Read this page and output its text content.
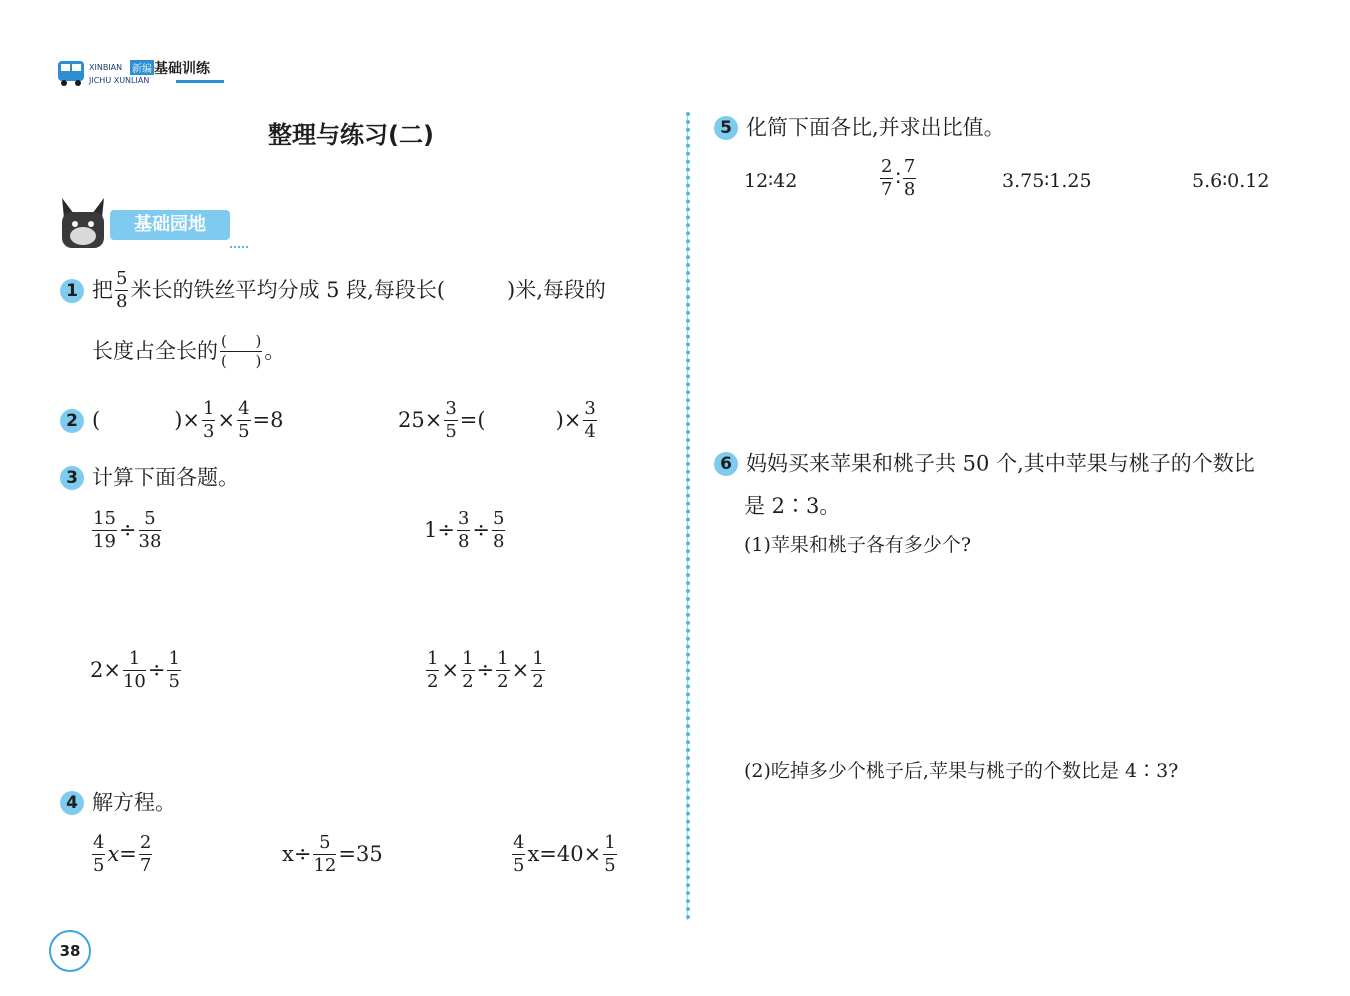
XINBIAN 新编 基础训练
JICHU XUNLIAN
整理与练习(二)
基础园地
1 把 $\frac{5}{8}$ 米长的铁丝平均分成 5 段,每段长(	)米,每段的
长度占全长的 (      )
(      ) 。
2 (	)× $\frac{1}{3} \times \frac{4}{5} =8$	$25\times \frac{3}{5}$ =(	)× $\frac{3}{4}$
3 计算下面各题。
$\frac{15}{19} \div \frac{5}{38}$	$1\div \frac{3}{8} \div \frac{5}{8}$
$2\times \frac{1}{10} \div \frac{1}{5}$	$\frac{1}{2} \times \frac{1}{2} \div \frac{1}{2} \times \frac{1}{2}$
4 解方程。
$\frac{4}{5} x= \frac{2}{7}$	$x\div \frac{5}{12} =35$	$\frac{4}{5} x=40\times \frac{1}{5}$
5 化简下面各比,并求出比值。
12∶42	$\frac{2}{7}$ ∶ $\frac{7}{8}$	3.75∶1.25	5.6∶0.12
6 妈妈买来苹果和桃子共 50 个,其中苹果与桃子的个数比
是 2∶3。
(1)苹果和桃子各有多少个?
(2)吃掉多少个桃子后,苹果与桃子的个数比是 4∶3?
38
